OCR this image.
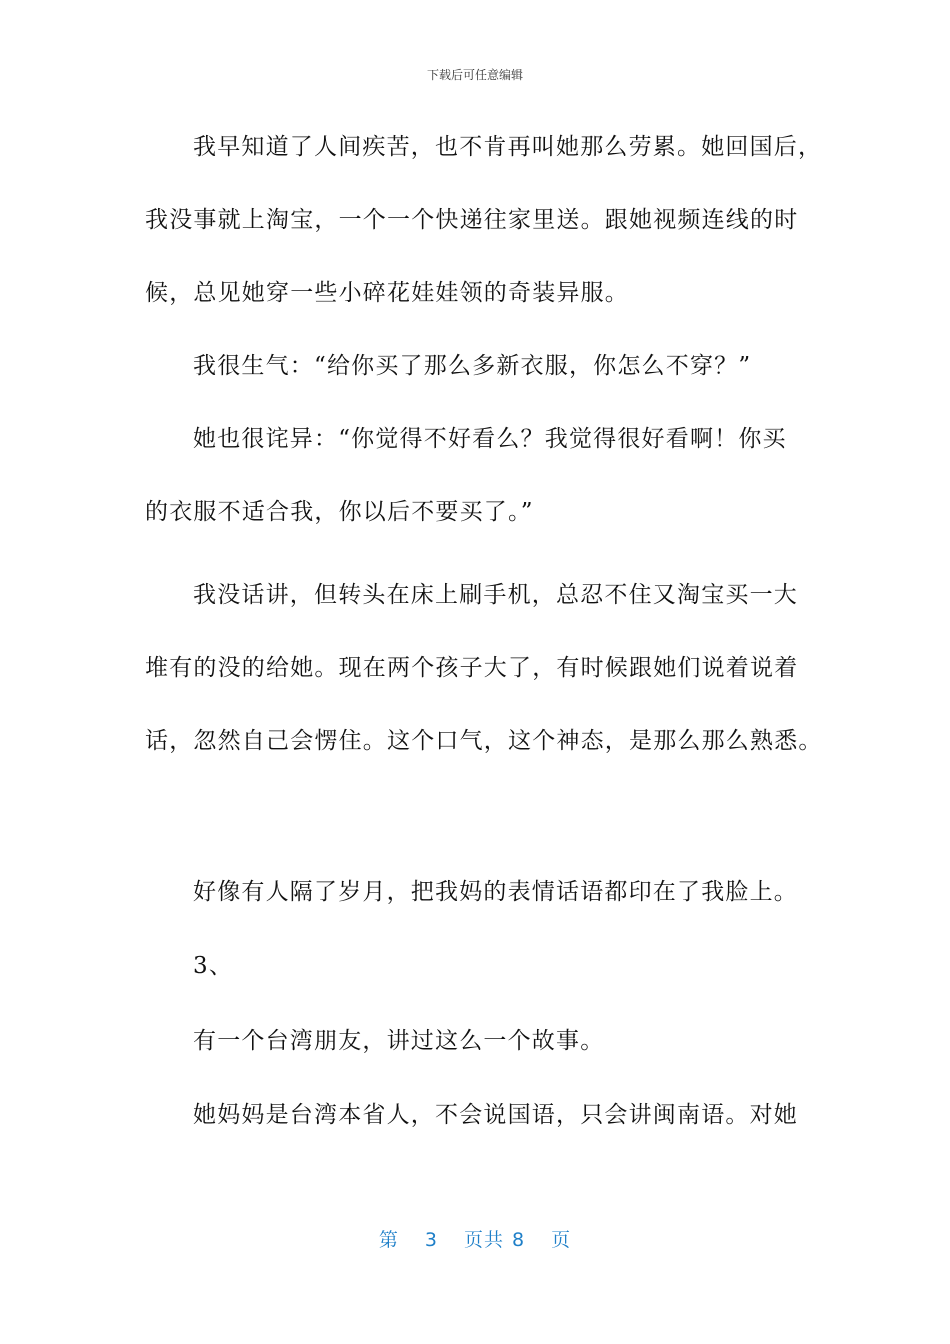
下载后可任意编辑
我早知道了人间疾苦，也不肯再叫她那么劳累。她回国后，
我没事就上淘宝，一个一个快递往家里送。跟她视频连线的时
候，总见她穿一些小碎花娃娃领的奇装异服。
我很生气：“给你买了那么多新衣服，你怎么不穿？”
她也很诧异：“你觉得不好看么？我觉得很好看啊！你买
的衣服不适合我，你以后不要买了。”
我没话讲，但转头在床上刷手机，总忍不住又淘宝买一大
堆有的没的给她。现在两个孩子大了，有时候跟她们说着说着
话，忽然自己会愣住。这个口气，这个神态，是那么那么熟悉。
好像有人隔了岁月，把我妈的表情话语都印在了我脸上。
3、
有一个台湾朋友，讲过这么一个故事。
她妈妈是台湾本省人，不会说国语，只会讲闽南语。对她
第 3 页共 8 页
